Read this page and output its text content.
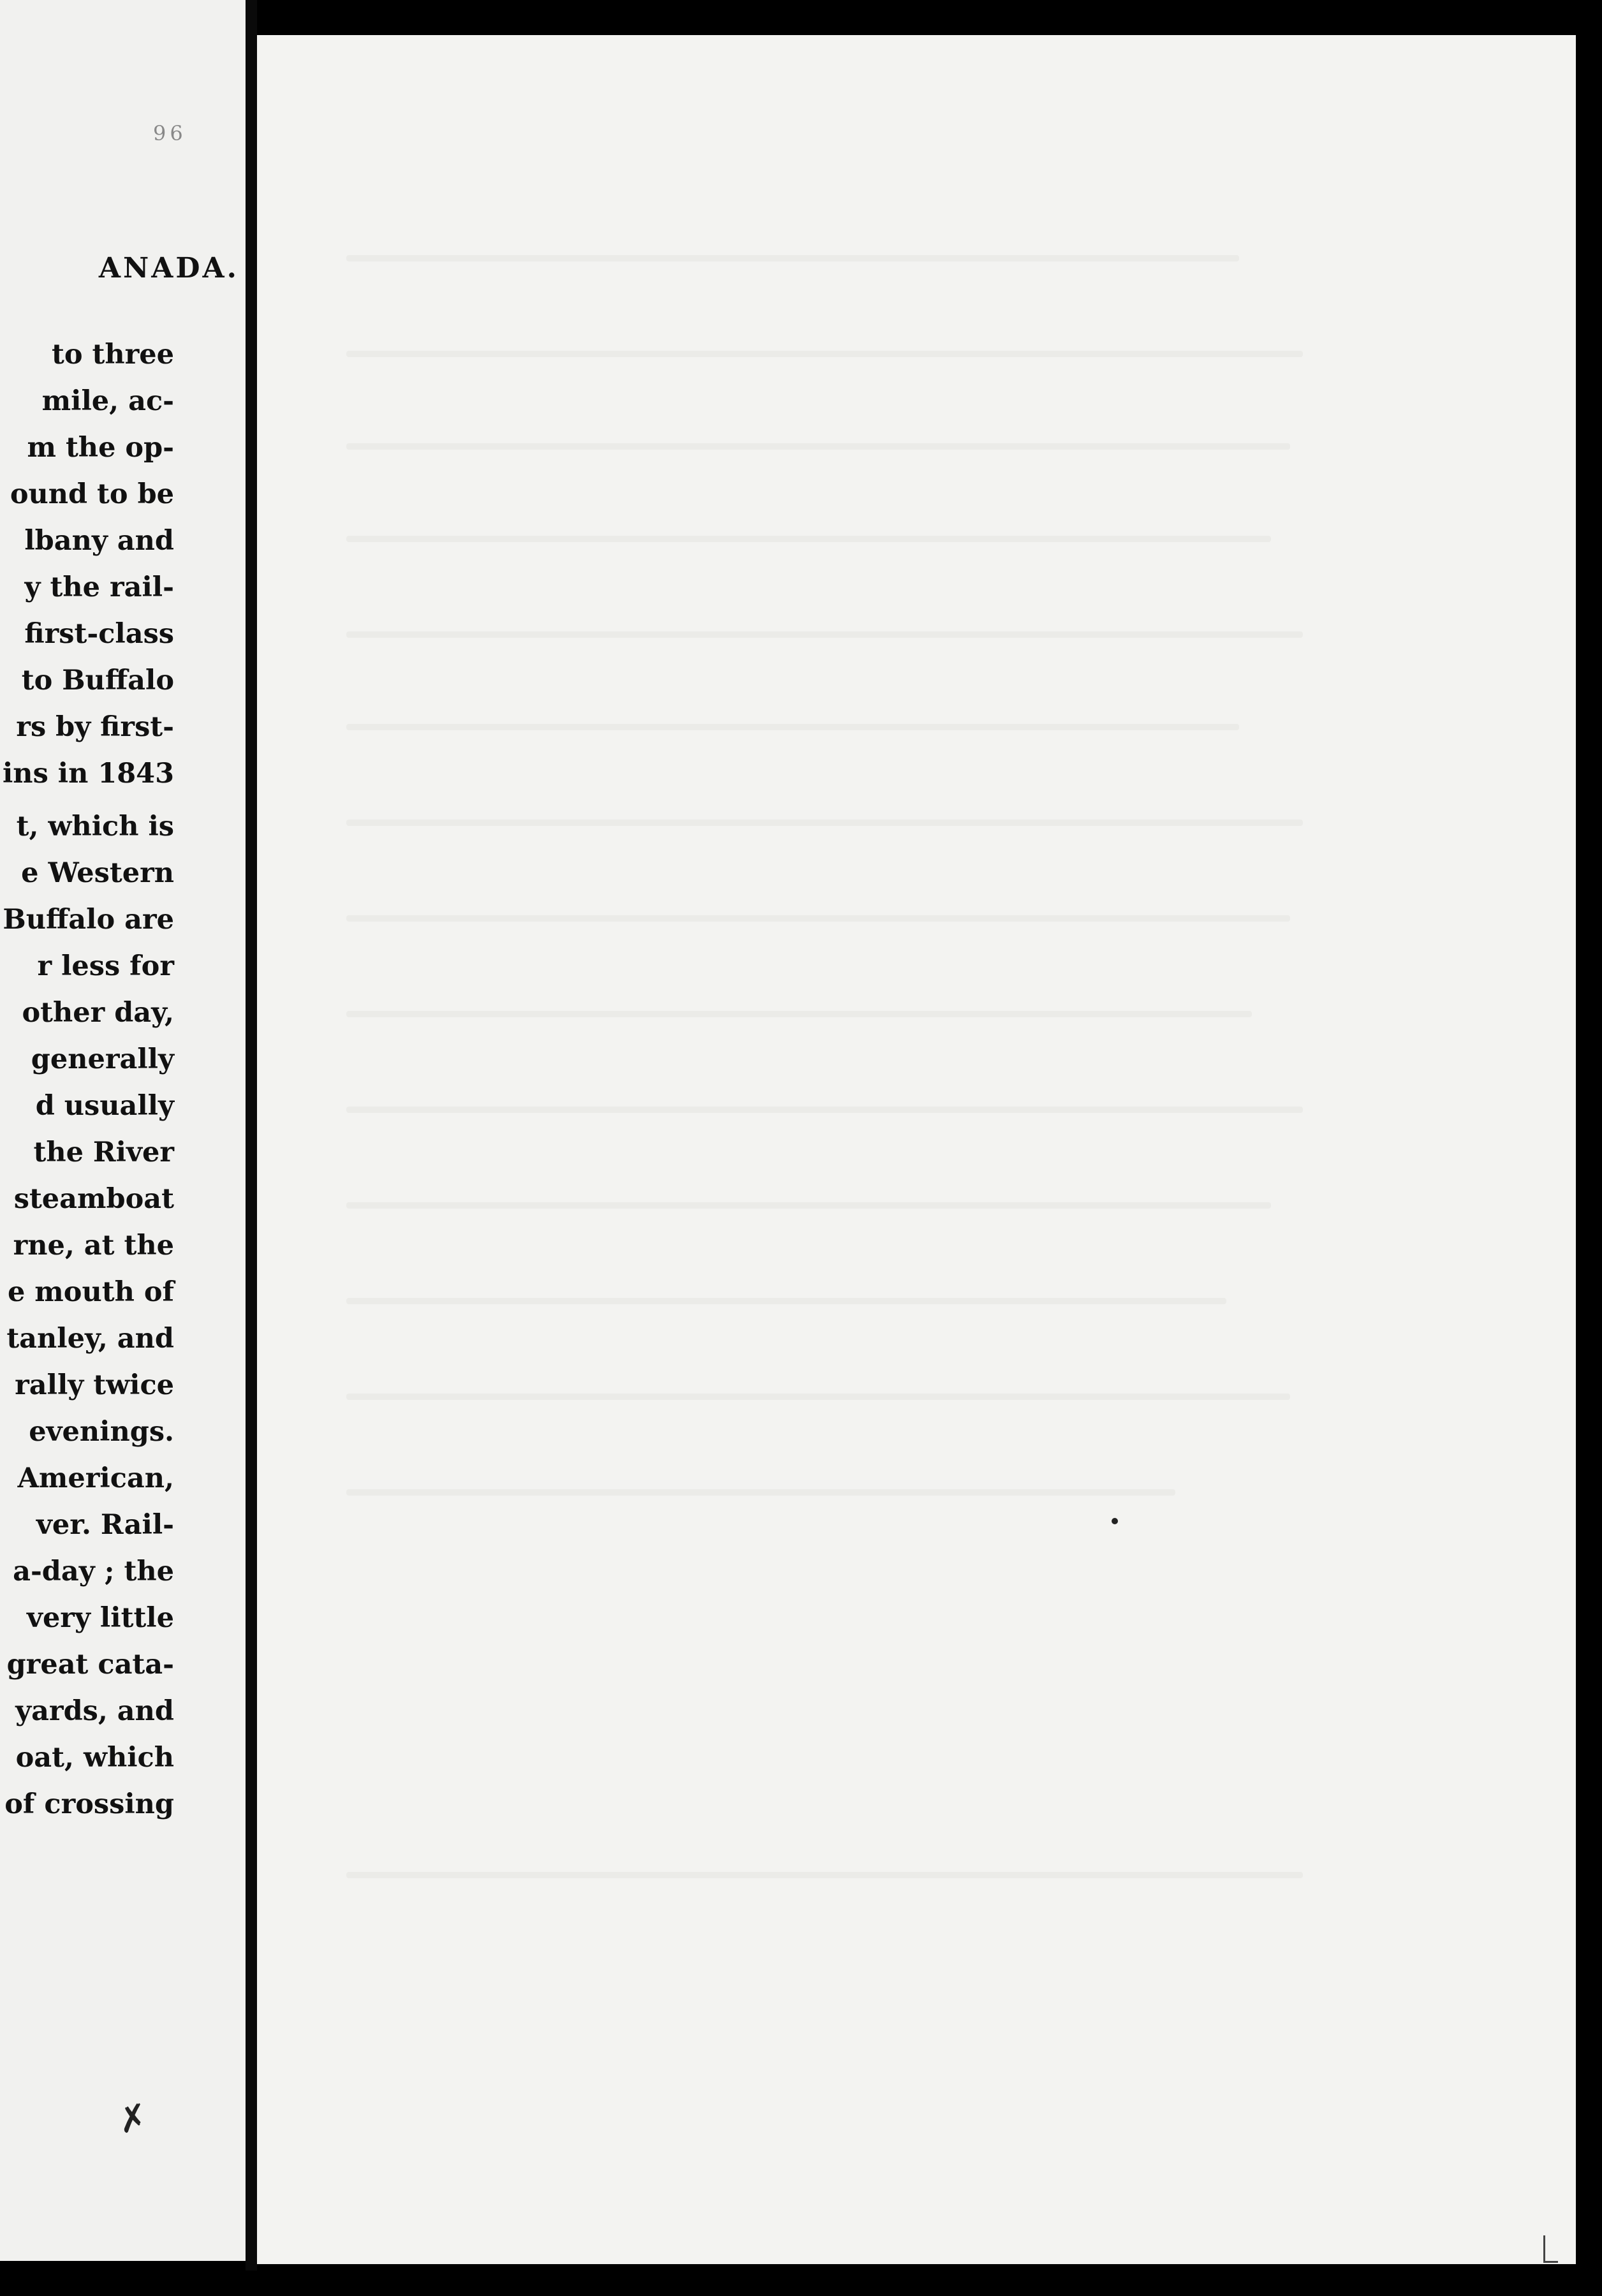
96
ANADA.
to three
mile, ac-
m the op-
ound to be
lbany and
y the rail-
first-class
to Buffalo
rs by first-
ins in 1843
t, which is
e Western
Buffalo are
r less for
other day,
generally
d usually
the River
steamboat
rne, at the
e mouth of
tanley, and
rally twice
evenings.
American,
ver. Rail-
a-day ; the
very little
great cata-
yards, and
oat, which
of crossing
✗
